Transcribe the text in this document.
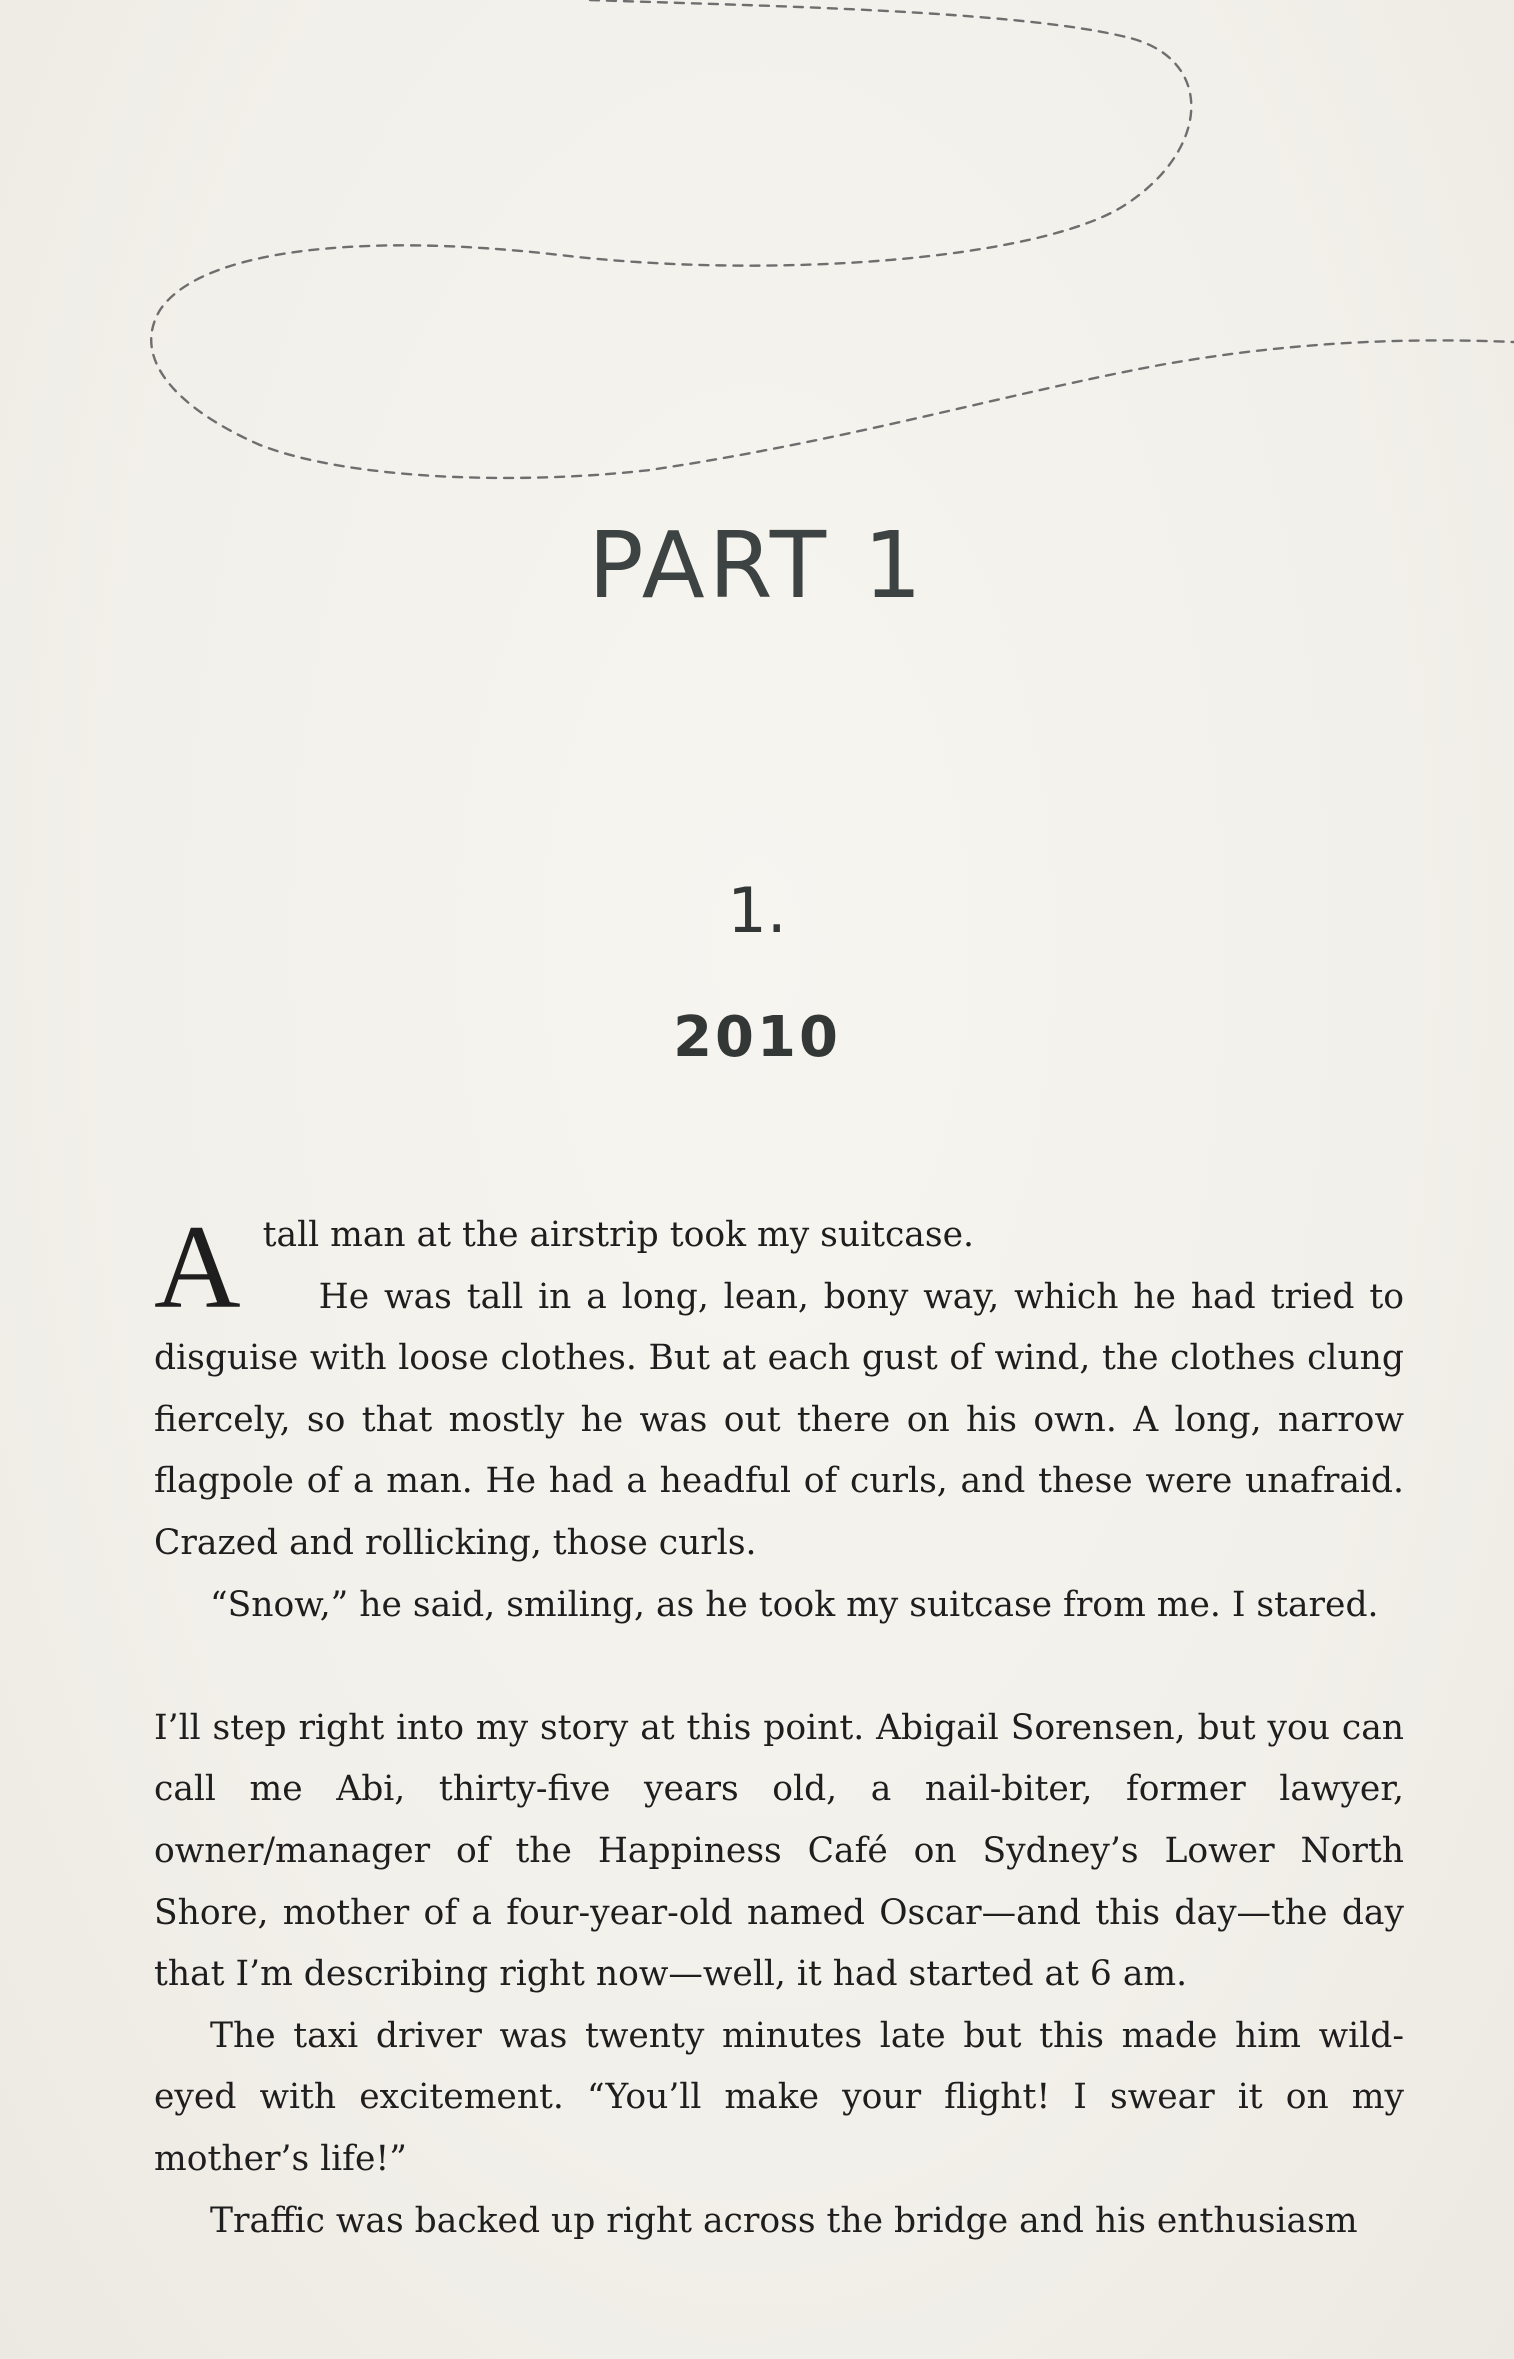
PART 1
1.
2010

Atall man at the airstrip took my suitcase.

He was tall in a long, lean, bony way, which he had tried to disguise with loose clothes. But at each gust of wind, the clothes clung fiercely, so that mostly he was out there on his own. A long, narrow flagpole of a man. He had a headful of curls, and these were unafraid. Crazed and rollicking, those curls.

“Snow,” he said, smiling, as he took my suitcase from me. I stared.

I’ll step right into my story at this point. Abigail Sorensen, but you can call me Abi, thirty-five years old, a nail-biter, former lawyer, owner/manager of the Happiness Café on Sydney’s Lower North Shore, mother of a four-year-old named Oscar—and this day—the day that I’m describing right now—well, it had started at 6 am.

The taxi driver was twenty minutes late but this made him wild-eyed with excitement. “You’ll make your flight! I swear it on my mother’s life!”

Traffic was backed up right across the bridge and his enthusiasm
